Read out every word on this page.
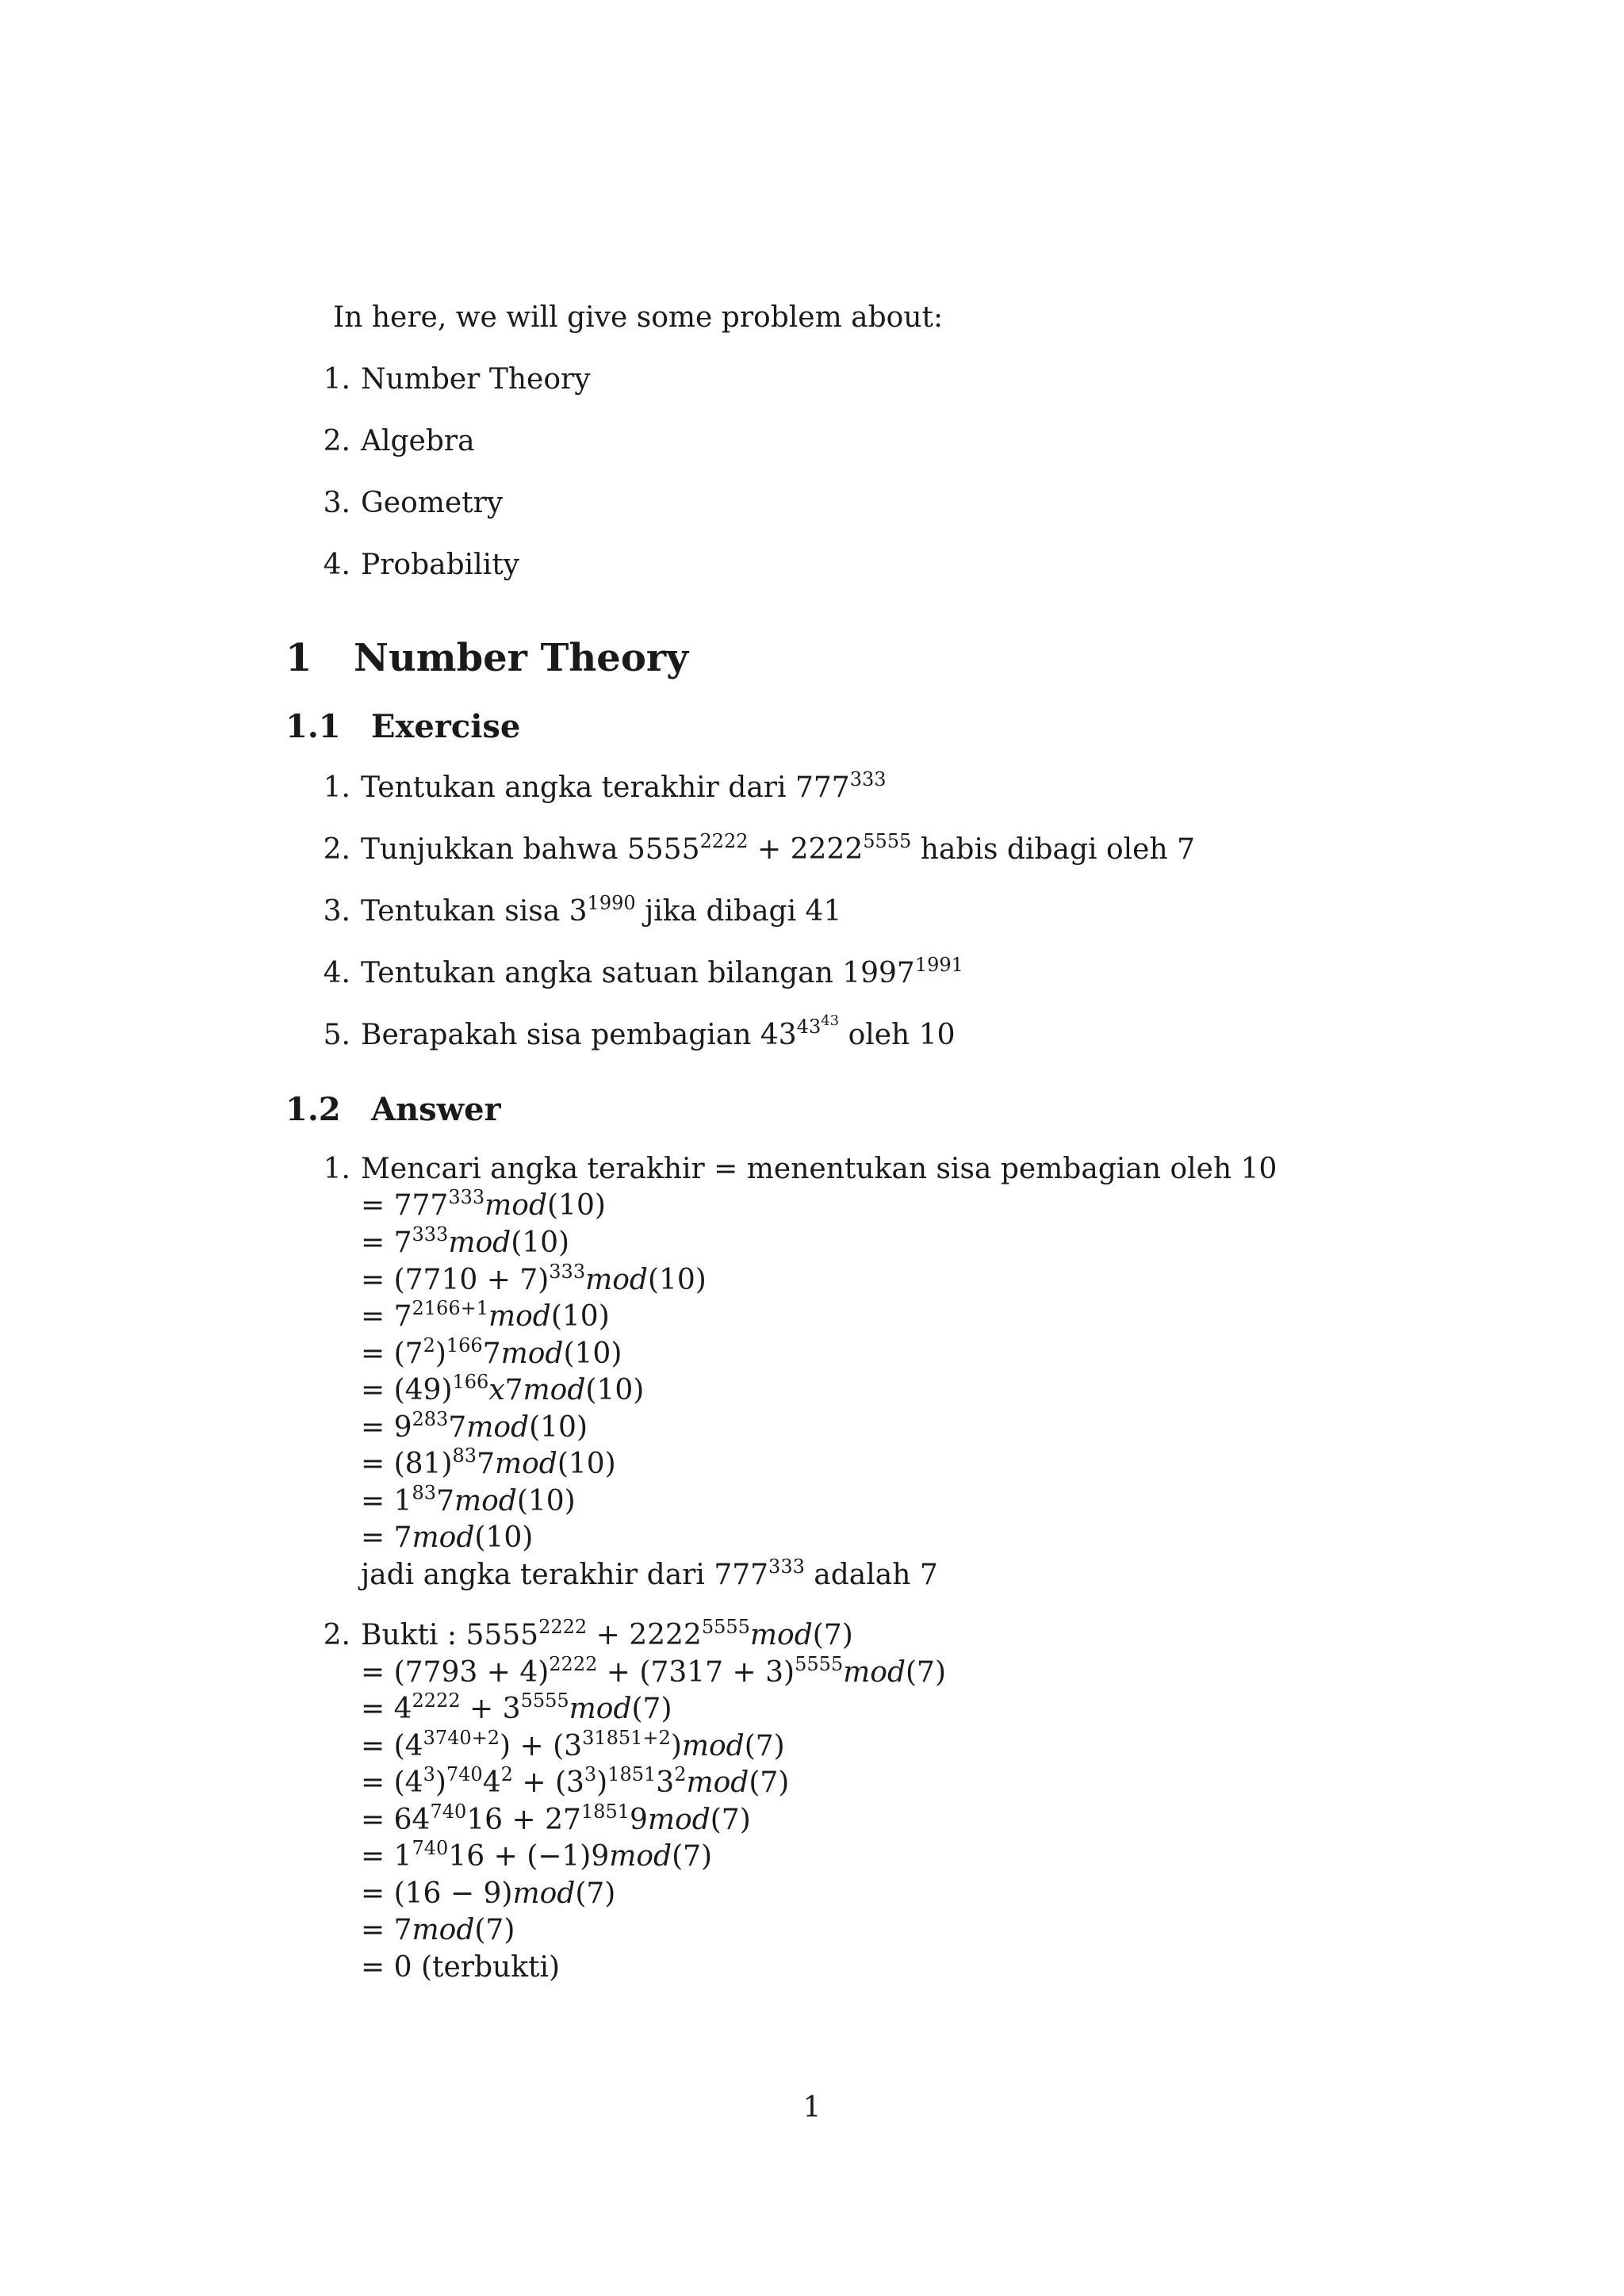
In here, we will give some problem about:
1. Number Theory
2. Algebra
3. Geometry
4. Probability
1 Number Theory
1.1 Exercise
1. Tentukan angka terakhir dari $777^{333}$
2. Tunjukkan bahwa $5555^{2222} + 2222^{5555}$ habis dibagi oleh 7
3. Tentukan sisa $3^{1990}$ jika dibagi 41
4. Tentukan angka satuan bilangan $1997^{1991}$
5. Berapakah sisa pembagian $43^{43^{43}}$ oleh 10
1.2 Answer
1. Mencari angka terakhir = menentukan sisa pembagian oleh 10
= $777^{333}mod(10)$
= $7^{333}mod(10)$
= $(7710 + 7)^{333}mod(10)$
= $7^{2166+1}mod(10)$
= $(7^2)^{166}7mod(10)$
= $(49)^{166}x7mod(10)$
= $9^{283}7mod(10)$
= $(81)^{83}7mod(10)$
= $1^{83}7mod(10)$
= 7mod(10)
jadi angka terakhir dari $777^{333}$ adalah 7
2. Bukti : $5555^{2222} + 2222^{5555}mod(7)$
= $(7793 + 4)^{2222} + (7317 + 3)^{5555}mod(7)$
= $4^{2222} + 3^{5555}mod(7)$
= $(4^{3740+2}) + (3^{31851+2})mod(7)$
= $(4^3)^{740}4^2 + (3^3)^{1851}3^2mod(7)$
= $64^{740}16 + 27^{1851}9mod(7)$
= $1^{740}16 + (-1)9mod(7)$
= (16 − 9)mod(7)
= 7mod(7)
= 0 (terbukti)
1
